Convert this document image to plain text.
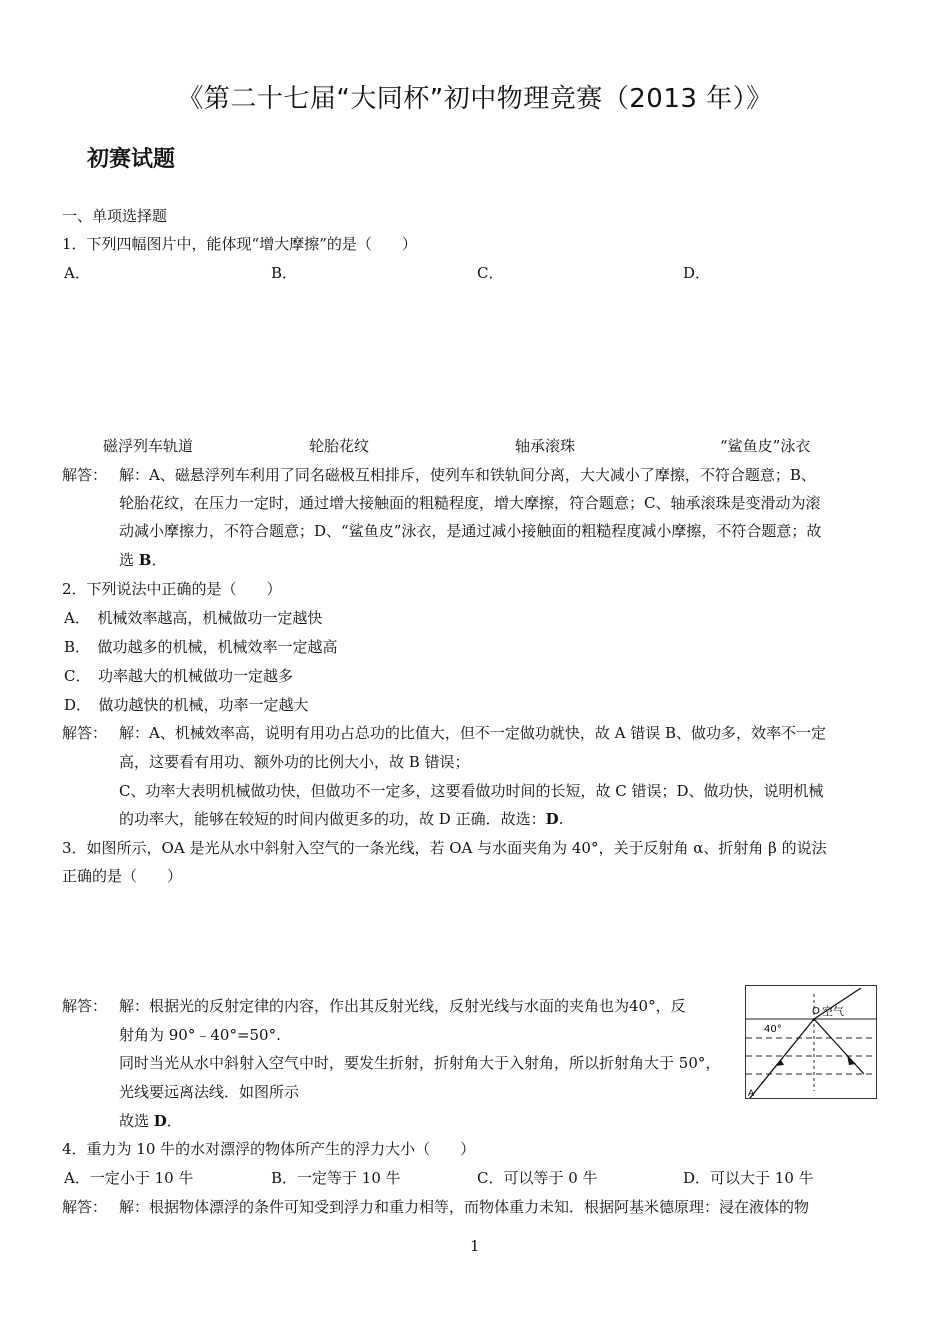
《第二十七届“大同杯”初中物理竞赛（2013 年）》
初赛试题
一、单项选择题
1．下列四幅图片中，能体现“增大摩擦”的是（　　）
A．	B．	C．	D．
磁浮列车轨道	轮胎花纹	轴承滚珠	“鲨鱼皮”泳衣
解答： 解：A、磁悬浮列车利用了同名磁极互相排斥，使列车和铁轨间分离，大大减小了摩擦，不符合题意；B、
轮胎花纹，在压力一定时，通过增大接触面的粗糙程度，增大摩擦，符合题意；C、轴承滚珠是变滑动为滚
动减小摩擦力，不符合题意；D、“鲨鱼皮”泳衣，是通过减小接触面的粗糙程度减小摩擦，不符合题意；故
选 B．
2．下列说法中正确的是（　　）
A．　机械效率越高，机械做功一定越快
B．　做功越多的机械，机械效率一定越高
C．　功率越大的机械做功一定越多
D．　做功越快的机械，功率一定越大
解答： 解：A、机械效率高，说明有用功占总功的比值大，但不一定做功就快，故 A 错误 B、做功多，效率不一定
高，这要看有用功、额外功的比例大小，故 B 错误；
C、功率大表明机械做功快，但做功不一定多，这要看做功时间的长短，故 C 错误；D、做功快，说明机械
的功率大，能够在较短的时间内做更多的功，故 D 正确．故选：D.
3．如图所示，OA 是光从水中斜射入空气的一条光线，若 OA 与水面夹角为 40°，关于反射角 α、折射角 β 的说法
正确的是（　　）
解答： 解：根据光的反射定律的内容，作出其反射光线，反射光线与水面的夹角也为40°，反
射角为 90°﹣40°=50°.
同时当光从水中斜射入空气中时，要发生折射，折射角大于入射角，所以折射角大于 50°，
光线要远离法线．如图所示
故选 D．
空气
40°
O
A
4．重力为 10 牛的水对漂浮的物体所产生的浮力大小（　　）
A．一定小于 10 牛	B．一定等于 10 牛	C．可以等于 0 牛	D．可以大于 10 牛
解答： 解：根据物体漂浮的条件可知受到浮力和重力相等，而物体重力未知．根据阿基米德原理：浸在液体的物
1
